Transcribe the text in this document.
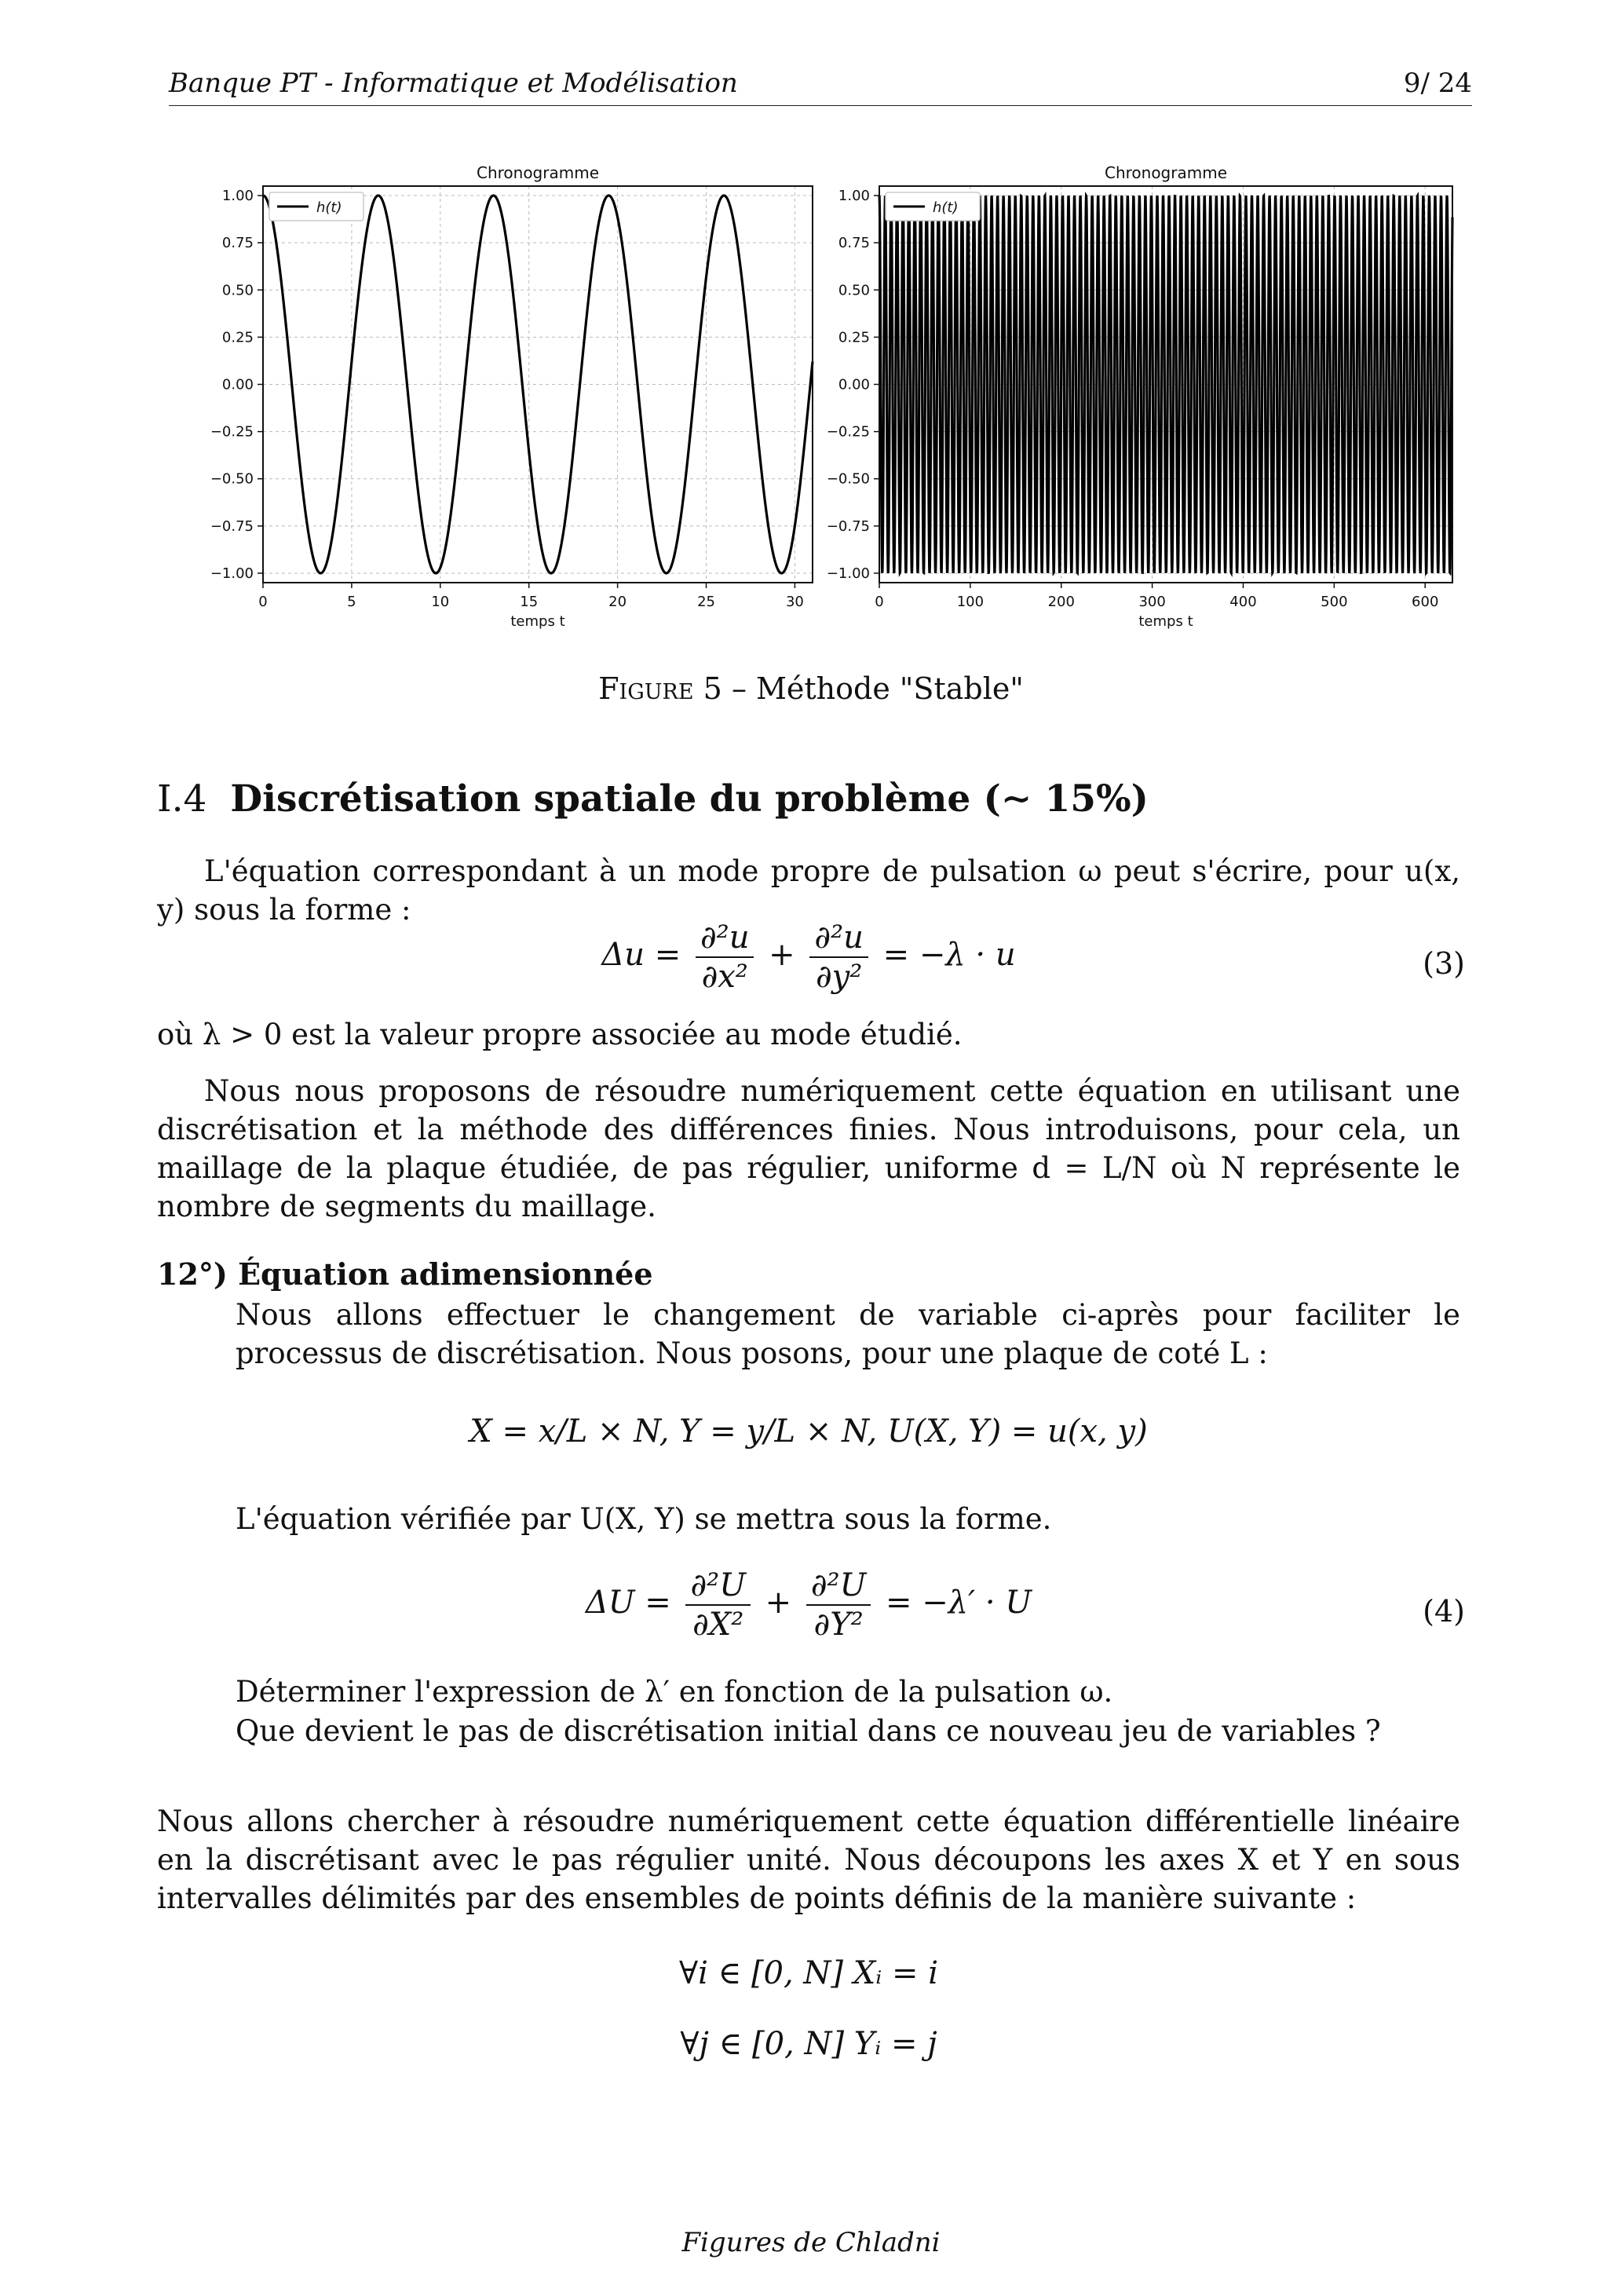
Banque PT - Informatique et Modélisation	9/ 24
Chronogramme
0	5	10	15	20	25	30
1.00
0.75
0.50
0.25
0.00
−0.25
−0.50
−0.75
−1.00
h(t)
temps t
Chronogramme
0	100	200	300	400	500	600
1.00
0.75
0.50
0.25
0.00
−0.25
−0.50
−0.75
−1.00
h(t)
temps t
Figure 5 – Méthode "Stable"
I.4 Discrétisation spatiale du problème (∼ 15%)
L'équation correspondant à un mode propre de pulsation ω peut s'écrire, pour u(x, y) sous la forme :
$\Delta u = \frac{\text{∂²u}}{\text{∂x²}} + \frac{\text{∂²u}}{\text{∂y²}} = -\lambda \cdot u$	(3)
où λ > 0 est la valeur propre associée au mode étudié.
Nous nous proposons de résoudre numériquement cette équation en utilisant une discrétisation et la méthode des différences finies. Nous introduisons, pour cela, un maillage de la plaque étudiée, de pas régulier, uniforme d = L/N où N représente le nombre de segments du maillage.
12°) Équation adimensionnée
Nous allons effectuer le changement de variable ci-après pour faciliter le processus de discrétisation. Nous posons, pour une plaque de coté L :
X = x/L × N, Y = y/L × N, U(X, Y) = u(x, y)
L'équation vérifiée par U(X, Y) se mettra sous la forme.
$\Delta U = \frac{\text{∂²U}}{\text{∂X²}} + \frac{\text{∂²U}}{\text{∂Y²}} = -\lambda' \cdot U$	(4)
Déterminer l'expression de λ′ en fonction de la pulsation ω.
Que devient le pas de discrétisation initial dans ce nouveau jeu de variables ?
Nous allons chercher à résoudre numériquement cette équation différentielle linéaire en la discrétisant avec le pas régulier unité. Nous découpons les axes X et Y en sous intervalles délimités par des ensembles de points définis de la manière suivante :
∀i ∈ [0, N] Xᵢ = i
∀j ∈ [0, N] Yᵢ = j
Figures de Chladni
